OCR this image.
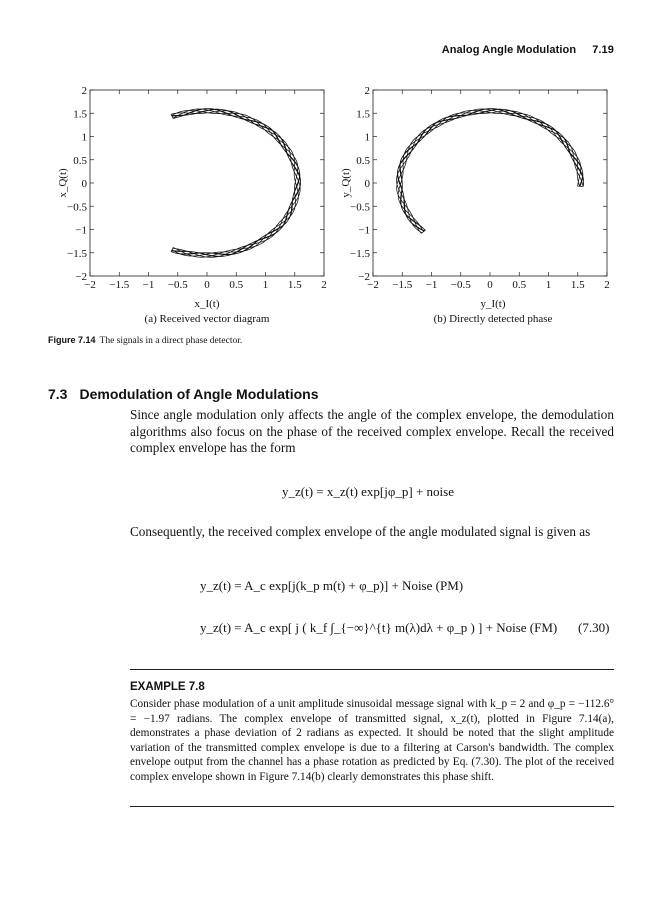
Analog Angle Modulation 7.19
−2
2
−1.5
1.5
−1
1
−0.5
0.5
0
0
0.5
−0.5
1
−1
1.5
−1.5
2
−2
x_Q(t)
x_I(t)
(a) Received vector diagram
−2
2
−1.5
1.5
−1
1
−0.5
0.5
0
0
0.5
−0.5
1
−1
1.5
−1.5
2
−2
y_Q(t)
y_I(t)
(b) Directly detected phase
Figure 7.14 The signals in a direct phase detector.
7.3 Demodulation of Angle Modulations
Since angle modulation only affects the angle of the complex envelope, the demodulation algorithms also focus on the phase of the received complex envelope. Recall the received complex envelope has the form
y_z(t) = x_z(t) exp[jφ_p] + noise
Consequently, the received complex envelope of the angle modulated signal is given as
y_z(t) = A_c exp[j(k_p m(t) + φ_p)] + Noise (PM)
y_z(t) = A_c exp[ j ( k_f ∫_{−∞}^{t} m(λ)dλ + φ_p ) ] + Noise (FM) (7.30)
EXAMPLE 7.8
Consider phase modulation of a unit amplitude sinusoidal message signal with k_p = 2 and φ_p = −112.6° = −1.97 radians. The complex envelope of transmitted signal, x_z(t), plotted in Figure 7.14(a), demonstrates a phase deviation of 2 radians as expected. It should be noted that the slight amplitude variation of the transmitted complex envelope is due to a filtering at Carson's bandwidth. The complex envelope output from the channel has a phase rotation as predicted by Eq. (7.30). The plot of the received complex envelope shown in Figure 7.14(b) clearly demonstrates this phase shift.
